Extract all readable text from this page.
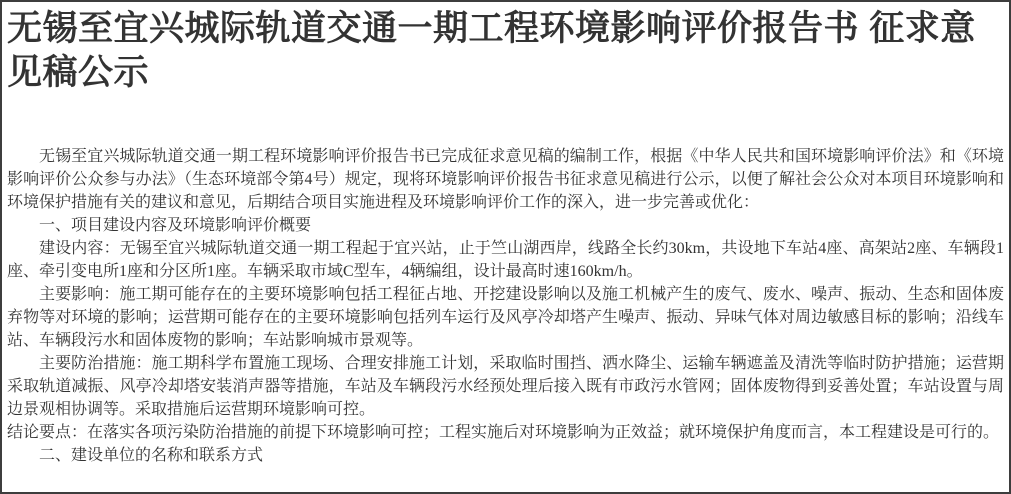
无锡至宜兴城际轨道交通一期工程环境影响评价报告书 征求意见稿公示

无锡至宜兴城际轨道交通一期工程环境影响评价报告书已完成征求意见稿的编制工作，根据《中华人民共和国环境影响评价法》和《环境影响评价公众参与办法》（生态环境部令第4号）规定，现将环境影响评价报告书征求意见稿进行公示，以便了解社会公众对本项目环境影响和环境保护措施有关的建议和意见，后期结合项目实施进程及环境影响评价工作的深入，进一步完善或优化：

一、项目建设内容及环境影响评价概要

建设内容：无锡至宜兴城际轨道交通一期工程起于宜兴站，止于竺山湖西岸，线路全长约30km，共设地下车站4座、高架站2座、车辆段1座、牵引变电所1座和分区所1座。车辆采取市域C型车，4辆编组，设计最高时速160km/h。

主要影响：施工期可能存在的主要环境影响包括工程征占地、开挖建设影响以及施工机械产生的废气、废水、噪声、振动、生态和固体废弃物等对环境的影响；运营期可能存在的主要环境影响包括列车运行及风亭冷却塔产生噪声、振动、异味气体对周边敏感目标的影响；沿线车站、车辆段污水和固体废物的影响；车站影响城市景观等。

主要防治措施：施工期科学布置施工现场、合理安排施工计划，采取临时围挡、洒水降尘、运输车辆遮盖及清洗等临时防护措施；运营期采取轨道减振、风亭冷却塔安装消声器等措施，车站及车辆段污水经预处理后接入既有市政污水管网；固体废物得到妥善处置；车站设置与周边景观相协调等。采取措施后运营期环境影响可控。

结论要点：在落实各项污染防治措施的前提下环境影响可控；工程实施后对环境影响为正效益；就环境保护角度而言，本工程建设是可行的。

二、建设单位的名称和联系方式
